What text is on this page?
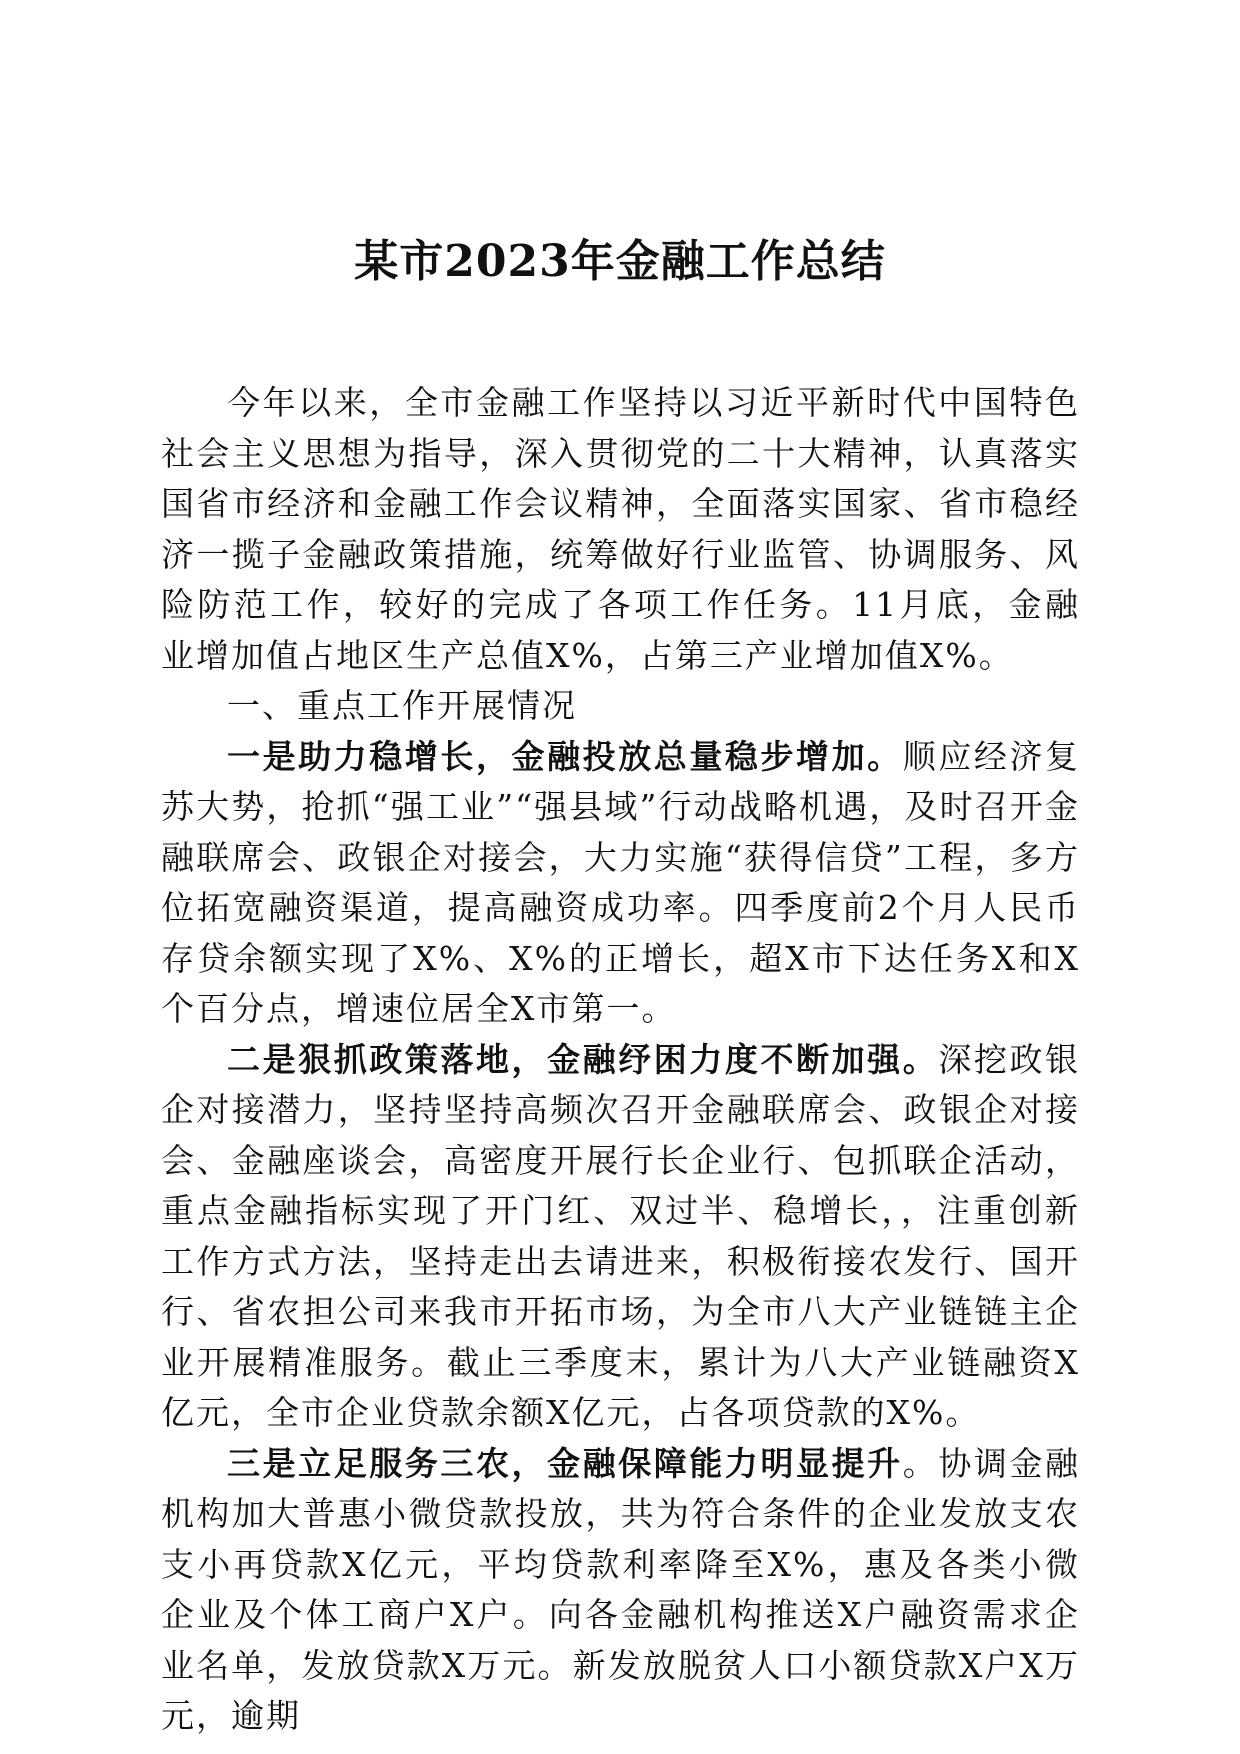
某市2023年金融工作总结

今年以来，全市金融工作坚持以习近平新时代中国特色社会主义思想为指导，深入贯彻党的二十大精神，认真落实国省市经济和金融工作会议精神，全面落实国家、省市稳经济一揽子金融政策措施，统筹做好行业监管、协调服务、风险防范工作，较好的完成了各项工作任务。11月底，金融业增加值占地区生产总值X%，占第三产业增加值X%。

一、重点工作开展情况

一是助力稳增长，金融投放总量稳步增加。顺应经济复苏大势，抢抓“强工业”“强县域”行动战略机遇，及时召开金融联席会、政银企对接会，大力实施“获得信贷”工程，多方位拓宽融资渠道，提高融资成功率。四季度前2个月人民币存贷余额实现了X%、X%的正增长，超X市下达任务X和X个百分点，增速位居全X市第一。

二是狠抓政策落地，金融纾困力度不断加强。深挖政银企对接潜力，坚持坚持高频次召开金融联席会、政银企对接会、金融座谈会，高密度开展行长企业行、包抓联企活动，重点金融指标实现了开门红、双过半、稳增长，，注重创新工作方式方法，坚持走出去请进来，积极衔接农发行、国开行、省农担公司来我市开拓市场，为全市八大产业链链主企业开展精准服务。截止三季度末，累计为八大产业链融资X亿元，全市企业贷款余额X亿元，占各项贷款的X%。

三是立足服务三农，金融保障能力明显提升。协调金融机构加大普惠小微贷款投放，共为符合条件的企业发放支农支小再贷款X亿元，平均贷款利率降至X%，惠及各类小微企业及个体工商户X户。向各金融机构推送X户融资需求企业名单，发放贷款X万元。新发放脱贫人口小额贷款X户X万元，逾期
